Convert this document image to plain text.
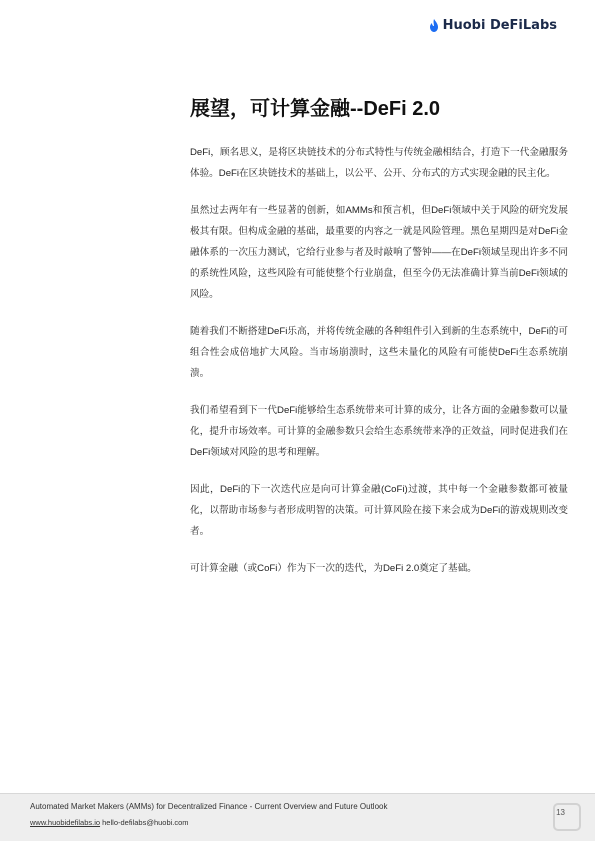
Huobi DeFiLabs
展望，可计算金融--DeFi 2.0

DeFi，顾名思义，是将区块链技术的分布式特性与传统金融相结合，打造下一代金融服务体验。DeFi在区块链技术的基础上，以公平、公开、分布式的方式实现金融的民主化。

虽然过去两年有一些显著的创新，如AMMs和预言机，但DeFi领域中关于风险的研究发展极其有限。但构成金融的基础，最重要的内容之一就是风险管理。黑色星期四是对DeFi金融体系的一次压力测试，它给行业参与者及时敲响了警钟——在DeFi领域呈现出许多不同的系统性风险，这些风险有可能使整个行业崩盘，但至今仍无法准确计算当前DeFi领域的风险。

随着我们不断搭建DeFi乐高，并将传统金融的各种组件引入到新的生态系统中，DeFi的可组合性会成倍地扩大风险。当市场崩溃时，这些未量化的风险有可能使DeFi生态系统崩溃。

我们希望看到下一代DeFi能够给生态系统带来可计算的成分，让各方面的金融参数可以量化，提升市场效率。可计算的金融参数只会给生态系统带来净的正效益，同时促进我们在DeFi领域对风险的思考和理解。

因此，DeFi的下一次迭代应是向可计算金融(CoFi)过渡，其中每一个金融参数都可被量化，以帮助市场参与者形成明智的决策。可计算风险在接下来会成为DeFi的游戏规则改变者。

可计算金融（或CoFi）作为下一次的迭代，为DeFi 2.0奠定了基础。

Automated Market Makers (AMMs) for Decentralized Finance - Current Overview and Future Outlook
www.huobidefilabs.io hello-defilabs@huobi.com
13
